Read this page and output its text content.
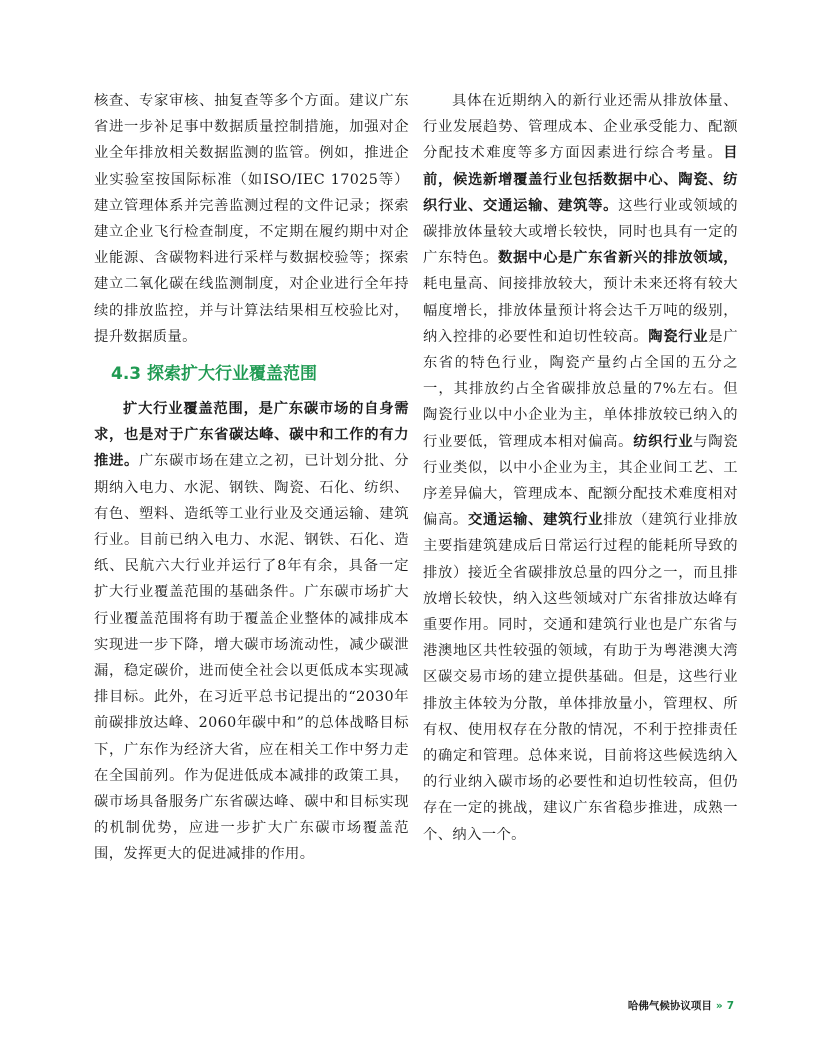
核查、专家审核、抽复查等多个方面。建议广东省进一步补足事中数据质量控制措施，加强对企业全年排放相关数据监测的监管。例如，推进企业实验室按国际标准（如ISO/IEC 17025等）建立管理体系并完善监测过程的文件记录；探索建立企业飞行检查制度，不定期在履约期中对企业能源、含碳物料进行采样与数据校验等；探索建立二氧化碳在线监测制度，对企业进行全年持续的排放监控，并与计算法结果相互校验比对，提升数据质量。

4.3 探索扩大行业覆盖范围

扩大行业覆盖范围，是广东碳市场的自身需求，也是对于广东省碳达峰、碳中和工作的有力推进。广东碳市场在建立之初，已计划分批、分期纳入电力、水泥、钢铁、陶瓷、石化、纺织、有色、塑料、造纸等工业行业及交通运输、建筑行业。目前已纳入电力、水泥、钢铁、石化、造纸、民航六大行业并运行了8年有余，具备一定扩大行业覆盖范围的基础条件。广东碳市场扩大行业覆盖范围将有助于覆盖企业整体的减排成本实现进一步下降，增大碳市场流动性，减少碳泄漏，稳定碳价，进而使全社会以更低成本实现减排目标。此外，在习近平总书记提出的“2030年前碳排放达峰、2060年碳中和”的总体战略目标下，广东作为经济大省，应在相关工作中努力走在全国前列。作为促进低成本减排的政策工具，碳市场具备服务广东省碳达峰、碳中和目标实现的机制优势，应进一步扩大广东碳市场覆盖范围，发挥更大的促进减排的作用。

具体在近期纳入的新行业还需从排放体量、行业发展趋势、管理成本、企业承受能力、配额分配技术难度等多方面因素进行综合考量。目前，候选新增覆盖行业包括数据中心、陶瓷、纺织行业、交通运输、建筑等。这些行业或领域的碳排放体量较大或增长较快，同时也具有一定的广东特色。数据中心是广东省新兴的排放领域，耗电量高、间接排放较大，预计未来还将有较大幅度增长，排放体量预计将会达千万吨的级别，纳入控排的必要性和迫切性较高。陶瓷行业是广东省的特色行业，陶瓷产量约占全国的五分之一，其排放约占全省碳排放总量的7%左右。但陶瓷行业以中小企业为主，单体排放较已纳入的行业要低，管理成本相对偏高。纺织行业与陶瓷行业类似，以中小企业为主，其企业间工艺、工序差异偏大，管理成本、配额分配技术难度相对偏高。交通运输、建筑行业排放（建筑行业排放主要指建筑建成后日常运行过程的能耗所导致的排放）接近全省碳排放总量的四分之一，而且排放增长较快，纳入这些领域对广东省排放达峰有重要作用。同时，交通和建筑行业也是广东省与港澳地区共性较强的领域，有助于为粤港澳大湾区碳交易市场的建立提供基础。但是，这些行业排放主体较为分散，单体排放量小，管理权、所有权、使用权存在分散的情况，不利于控排责任的确定和管理。总体来说，目前将这些候选纳入的行业纳入碳市场的必要性和迫切性较高，但仍存在一定的挑战，建议广东省稳步推进，成熟一个、纳入一个。

哈佛气候协议项目 » 7
